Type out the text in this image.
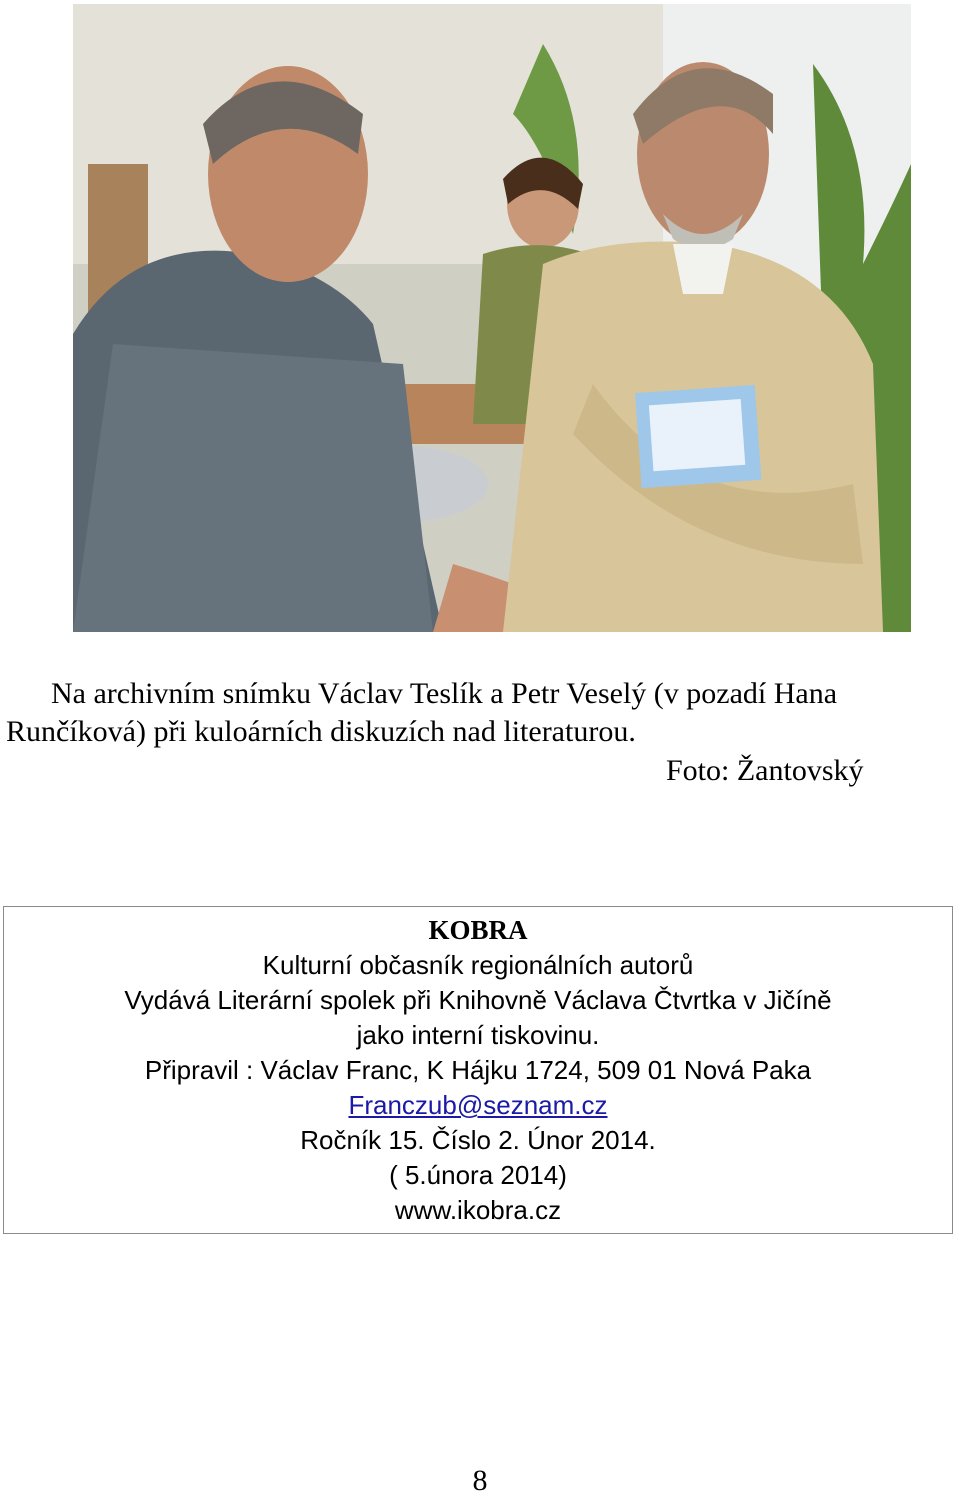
Na archivním snímku Václav Teslík a Petr Veselý (v pozadí Hana
Runčíková) při kuloárních diskuzích nad literaturou.
Foto: Žantovský
KOBRA
Kulturní občasník regionálních autorů
Vydává Literární spolek při Knihovně Václava Čtvrtka v Jičíně
jako interní tiskovinu.
Připravil : Václav Franc, K Hájku 1724, 509 01 Nová Paka
Franczub@seznam.cz
Ročník 15. Číslo 2. Únor 2014.
( 5.února 2014)
www.ikobra.cz
8
